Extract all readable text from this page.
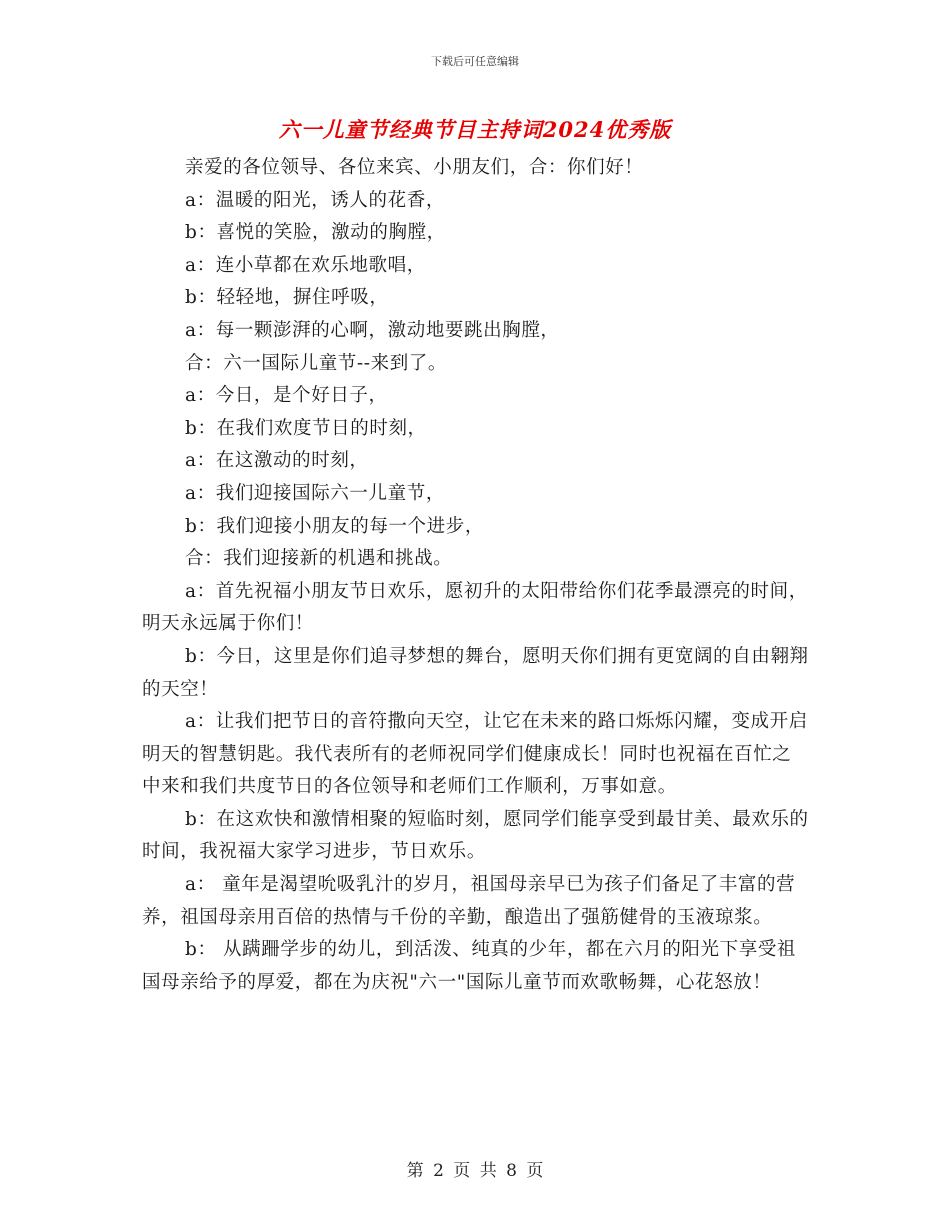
下载后可任意编辑
六一儿童节经典节目主持词2024优秀版

亲爱的各位领导、各位来宾、小朋友们，合：你们好！

a：温暖的阳光，诱人的花香，

b：喜悦的笑脸，激动的胸膛，

a：连小草都在欢乐地歌唱，

b：轻轻地，摒住呼吸，

a：每一颗澎湃的心啊，激动地要跳出胸膛，

合：六一国际儿童节--来到了。

a：今日，是个好日子，

b：在我们欢度节日的时刻，

a：在这激动的时刻，

a：我们迎接国际六一儿童节，

b：我们迎接小朋友的每一个进步，

合：我们迎接新的机遇和挑战。

a：首先祝福小朋友节日欢乐，愿初升的太阳带给你们花季最漂亮的时间，明天永远属于你们！

b：今日，这里是你们追寻梦想的舞台，愿明天你们拥有更宽阔的自由翱翔的天空！

a：让我们把节日的音符撒向天空，让它在未来的路口烁烁闪耀，变成开启明天的智慧钥匙。我代表所有的老师祝同学们健康成长！同时也祝福在百忙之中来和我们共度节日的各位领导和老师们工作顺利，万事如意。

b：在这欢快和激情相聚的短临时刻，愿同学们能享受到最甘美、最欢乐的时间，我祝福大家学习进步，节日欢乐。

a： 童年是渴望吮吸乳汁的岁月，祖国母亲早已为孩子们备足了丰富的营养，祖国母亲用百倍的热情与千份的辛勤，酿造出了强筋健骨的玉液琼浆。

b： 从蹒跚学步的幼儿，到活泼、纯真的少年，都在六月的阳光下享受祖国母亲给予的厚爱，都在为庆祝"六一"国际儿童节而欢歌畅舞，心花怒放！

第 2 页 共 8 页
